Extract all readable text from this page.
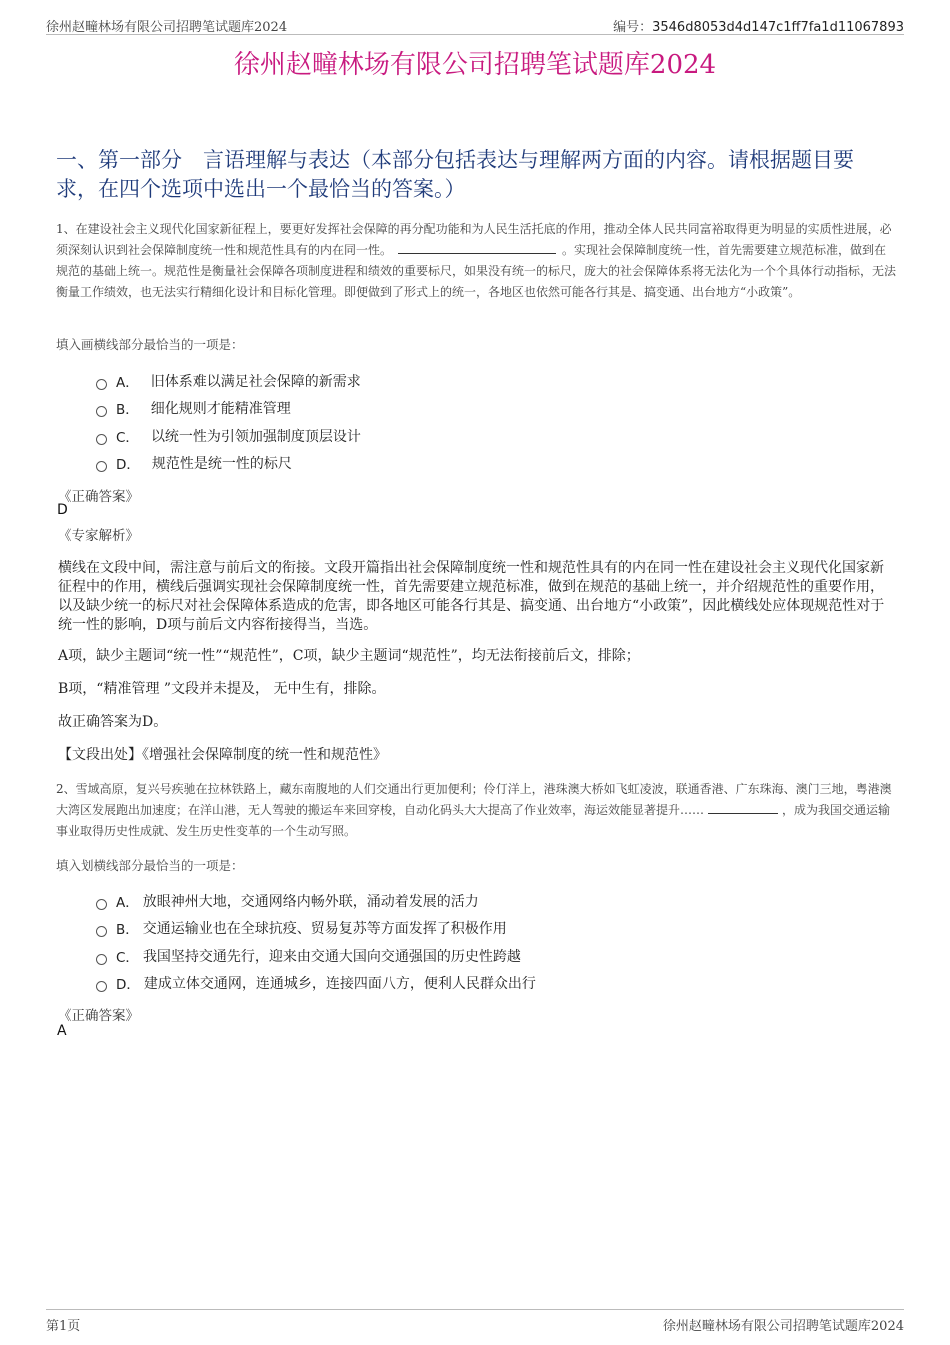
徐州赵疃林场有限公司招聘笔试题库2024	编号：3546d8053d4d147c1ff7fa1d11067893
徐州赵疃林场有限公司招聘笔试题库2024
一、第一部分　言语理解与表达（本部分包括表达与理解两方面的内容。请根据题目要求，在四个选项中选出一个最恰当的答案。）
1、在建设社会主义现代化国家新征程上，要更好发挥社会保障的再分配功能和为人民生活托底的作用，推动全体人民共同富裕取得更为明显的实质性进展，必须深刻认识到社会保障制度统一性和规范性具有的内在同一性。	。实现社会保障制度统一性，首先需要建立规范标准，做到在规范的基础上统一。规范性是衡量社会保障各项制度进程和绩效的重要标尺，如果没有统一的标尺，庞大的社会保障体系将无法化为一个个具体行动指标，无法衡量工作绩效，也无法实行精细化设计和目标化管理。即便做到了形式上的统一，各地区也依然可能各行其是、搞变通、出台地方“小政策”。
填入画横线部分最恰当的一项是：
A． 旧体系难以满足社会保障的新需求
B． 细化规则才能精准管理
C． 以统一性为引领加强制度顶层设计
D． 规范性是统一性的标尺
《正确答案》
D
《专家解析》
横线在文段中间，需注意与前后文的衔接。文段开篇指出社会保障制度统一性和规范性具有的内在同一性在建设社会主义现代化国家新征程中的作用，横线后强调实现社会保障制度统一性，首先需要建立规范标准，做到在规范的基础上统一，并介绍规范性的重要作用，以及缺少统一的标尺对社会保障体系造成的危害，即各地区可能各行其是、搞变通、出台地方“小政策”，因此横线处应体现规范性对于统一性的影响，D项与前后文内容衔接得当，当选。
A项，缺少主题词“统一性”“规范性”，C项，缺少主题词“规范性”，均无法衔接前后文，排除；
B项，“精准管理 ”文段并未提及， 无中生有，排除。
故正确答案为D。
【文段出处】《增强社会保障制度的统一性和规范性》
2、雪域高原，复兴号疾驰在拉林铁路上，藏东南腹地的人们交通出行更加便利；伶仃洋上，港珠澳大桥如飞虹凌波，联通香港、广东珠海、澳门三地，粤港澳大湾区发展跑出加速度；在洋山港，无人驾驶的搬运车来回穿梭，自动化码头大大提高了作业效率，海运效能显著提升……	，成为我国交通运输事业取得历史性成就、发生历史性变革的一个生动写照。
填入划横线部分最恰当的一项是：
A． 放眼神州大地，交通网络内畅外联，涌动着发展的活力
B． 交通运输业也在全球抗疫、贸易复苏等方面发挥了积极作用
C． 我国坚持交通先行，迎来由交通大国向交通强国的历史性跨越
D． 建成立体交通网，连通城乡，连接四面八方，便利人民群众出行
《正确答案》
A
第1页	徐州赵疃林场有限公司招聘笔试题库2024
